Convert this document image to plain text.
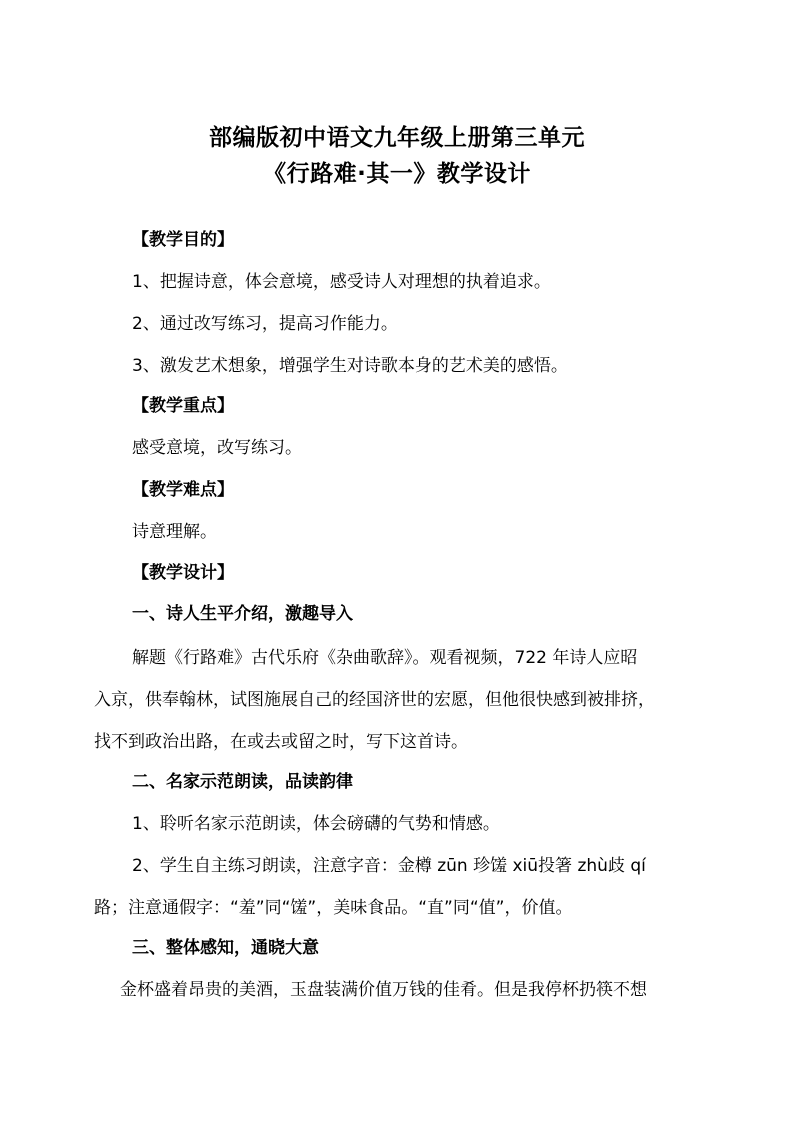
部编版初中语文九年级上册第三单元
《行路难·其一》教学设计
【教学目的】
1、把握诗意，体会意境，感受诗人对理想的执着追求。
2、通过改写练习，提高习作能力。
3、激发艺术想象，增强学生对诗歌本身的艺术美的感悟。
【教学重点】
感受意境，改写练习。
【教学难点】
诗意理解。
【教学设计】
一、诗人生平介绍，激趣导入
解题《行路难》古代乐府《杂曲歌辞》。观看视频，722 年诗人应昭
入京，供奉翰林，试图施展自己的经国济世的宏愿，但他很快感到被排挤，
找不到政治出路，在或去或留之时，写下这首诗。
二、名家示范朗读，品读韵律
1、聆听名家示范朗读，体会磅礴的气势和情感。
2、学生自主练习朗读，注意字音：金樽 zūn 珍馐 xiū投箸 zhù歧 qí
路；注意通假字：“羞”同“馐”，美味食品。“直”同“值”，价值。
三、整体感知，通晓大意
金杯盛着昂贵的美酒，玉盘装满价值万钱的佳肴。但是我停杯扔筷不想
